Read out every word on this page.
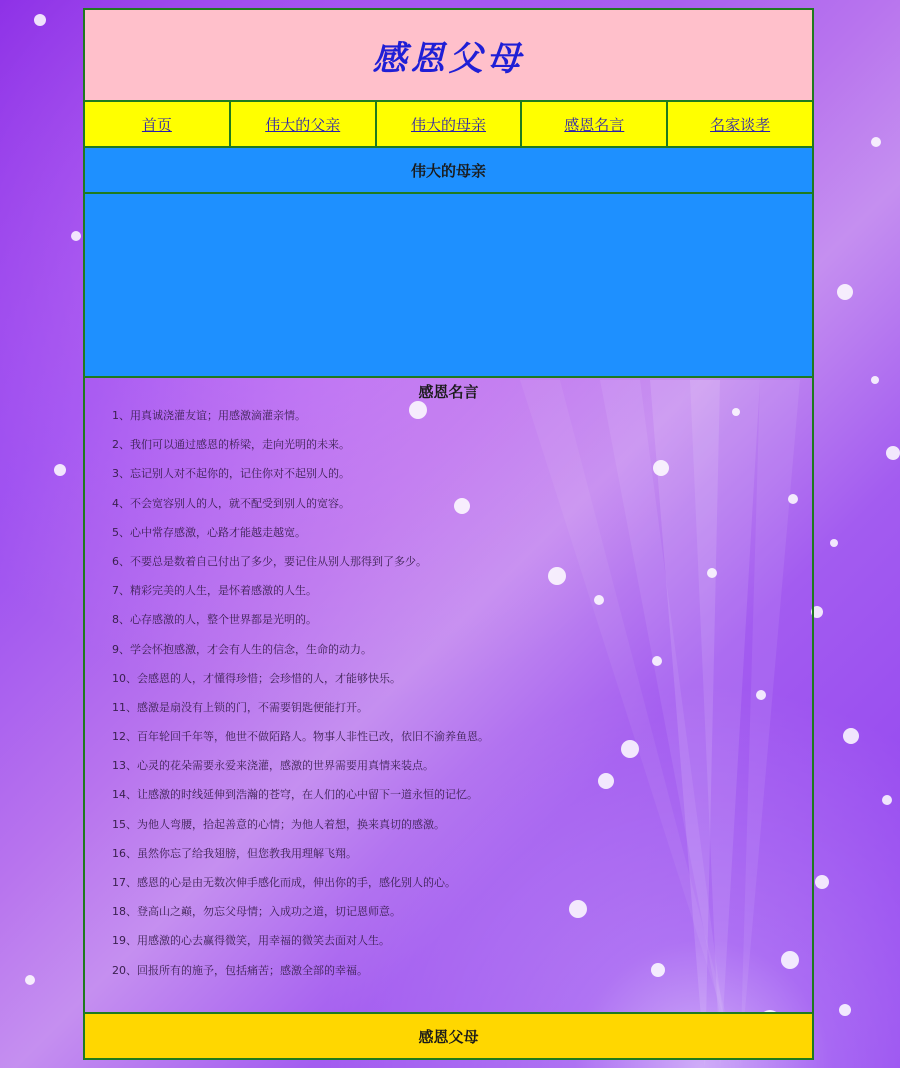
感恩父母
首页	伟大的父亲	伟大的母亲	感恩名言	名家谈孝
伟大的母亲
感恩名言
1、用真诚浇灌友谊；用感激滴灌亲情。
2、我们可以通过感恩的桥梁，走向光明的未来。
3、忘记别人对不起你的，记住你对不起别人的。
4、不会宽容别人的人，就不配受到别人的宽容。
5、心中常存感激，心路才能越走越宽。
6、不要总是数着自己付出了多少，要记住从别人那得到了多少。
7、精彩完美的人生，是怀着感激的人生。
8、心存感激的人，整个世界都是光明的。
9、学会怀抱感激，才会有人生的信念，生命的动力。
10、会感恩的人，才懂得珍惜；会珍惜的人，才能够快乐。
11、感激是扇没有上锁的门，不需要钥匙便能打开。
12、百年轮回千年等，他世不做陌路人。物事人非性已改，依旧不渝养鱼恩。
13、心灵的花朵需要永爱来浇灌，感激的世界需要用真情来装点。
14、让感激的时线延伸到浩瀚的苍穹，在人们的心中留下一道永恒的记忆。
15、为他人弯腰，拾起善意的心情；为他人着想，换来真切的感激。
16、虽然你忘了给我翅膀，但您教我用理解飞翔。
17、感恩的心是由无数次伸手感化而成，伸出你的手，感化别人的心。
18、登高山之巅，勿忘父母情；入成功之道，切记恩师意。
19、用感激的心去赢得微笑，用幸福的微笑去面对人生。
20、回报所有的施予，包括痛苦；感激全部的幸福。
感恩父母
